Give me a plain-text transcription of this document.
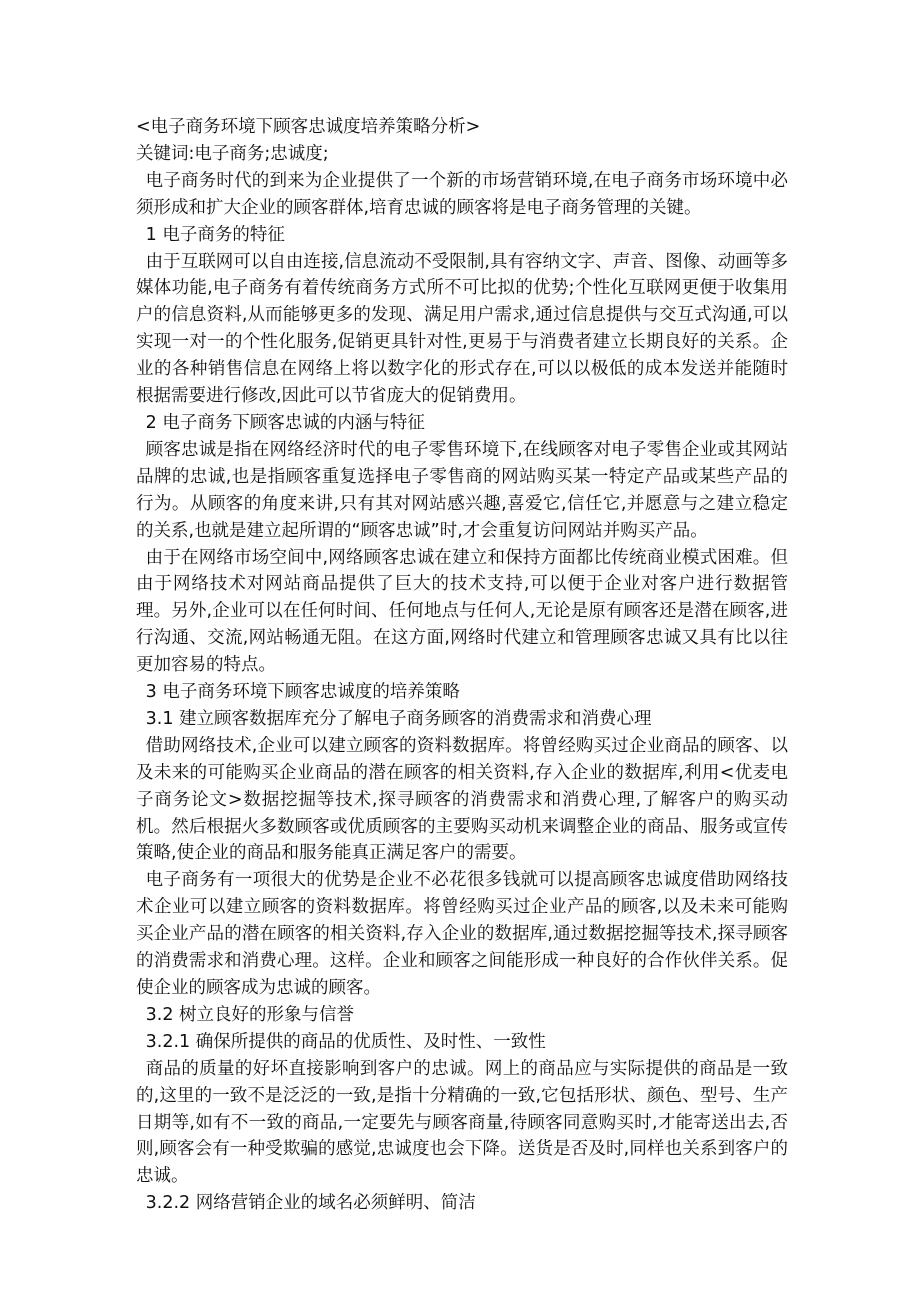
<电子商务环境下顾客忠诚度培养策略分析>

关键词:电子商务;忠诚度;

电子商务时代的到来为企业提供了一个新的市场营销环境,在电子商务市场环境中必须形成和扩大企业的顾客群体,培育忠诚的顾客将是电子商务管理的关键。

1 电子商务的特征

由于互联网可以自由连接,信息流动不受限制,具有容纳文字、声音、图像、动画等多媒体功能,电子商务有着传统商务方式所不可比拟的优势;个性化互联网更便于收集用户的信息资料,从而能够更多的发现、满足用户需求,通过信息提供与交互式沟通,可以实现一对一的个性化服务,促销更具针对性,更易于与消费者建立长期良好的关系。企业的各种销售信息在网络上将以数字化的形式存在,可以以极低的成本发送并能随时根据需要进行修改,因此可以节省庞大的促销费用。

2 电子商务下顾客忠诚的内涵与特征

顾客忠诚是指在网络经济时代的电子零售环境下,在线顾客对电子零售企业或其网站品牌的忠诚,也是指顾客重复选择电子零售商的网站购买某一特定产品或某些产品的行为。从顾客的角度来讲,只有其对网站感兴趣,喜爱它,信任它,并愿意与之建立稳定的关系,也就是建立起所谓的“顾客忠诚”时,才会重复访问网站并购买产品。

由于在网络市场空间中,网络顾客忠诚在建立和保持方面都比传统商业模式困难。但由于网络技术对网站商品提供了巨大的技术支持,可以便于企业对客户进行数据管理。另外,企业可以在任何时间、任何地点与任何人,无论是原有顾客还是潜在顾客,进行沟通、交流,网站畅通无阻。在这方面,网络时代建立和管理顾客忠诚又具有比以往更加容易的特点。

3 电子商务环境下顾客忠诚度的培养策略

3.1 建立顾客数据库充分了解电子商务顾客的消费需求和消费心理

借助网络技术,企业可以建立顾客的资料数据库。将曾经购买过企业商品的顾客、以及未来的可能购买企业商品的潜在顾客的相关资料,存入企业的数据库,利用<优麦电子商务论文>数据挖掘等技术,探寻顾客的消费需求和消费心理,了解客户的购买动机。然后根据火多数顾客或优质顾客的主要购买动机来调整企业的商品、服务或宣传策略,使企业的商品和服务能真正满足客户的需要。

电子商务有一项很大的优势是企业不必花很多钱就可以提高顾客忠诚度借助网络技术企业可以建立顾客的资料数据库。将曾经购买过企业产品的顾客,以及未来可能购买企业产品的潜在顾客的相关资料,存入企业的数据库,通过数据挖掘等技术,探寻顾客的消费需求和消费心理。这样。企业和顾客之间能形成一种良好的合作伙伴关系。促使企业的顾客成为忠诚的顾客。

3.2 树立良好的形象与信誉

3.2.1 确保所提供的商品的优质性、及时性、一致性

商品的质量的好坏直接影响到客户的忠诚。网上的商品应与实际提供的商品是一致的,这里的一致不是泛泛的一致,是指十分精确的一致,它包括形状、颜色、型号、生产日期等,如有不一致的商品,一定要先与顾客商量,待顾客同意购买时,才能寄送出去,否则,顾客会有一种受欺骗的感觉,忠诚度也会下降。送货是否及时,同样也关系到客户的忠诚。

3.2.2 网络营销企业的域名必须鲜明、简洁
